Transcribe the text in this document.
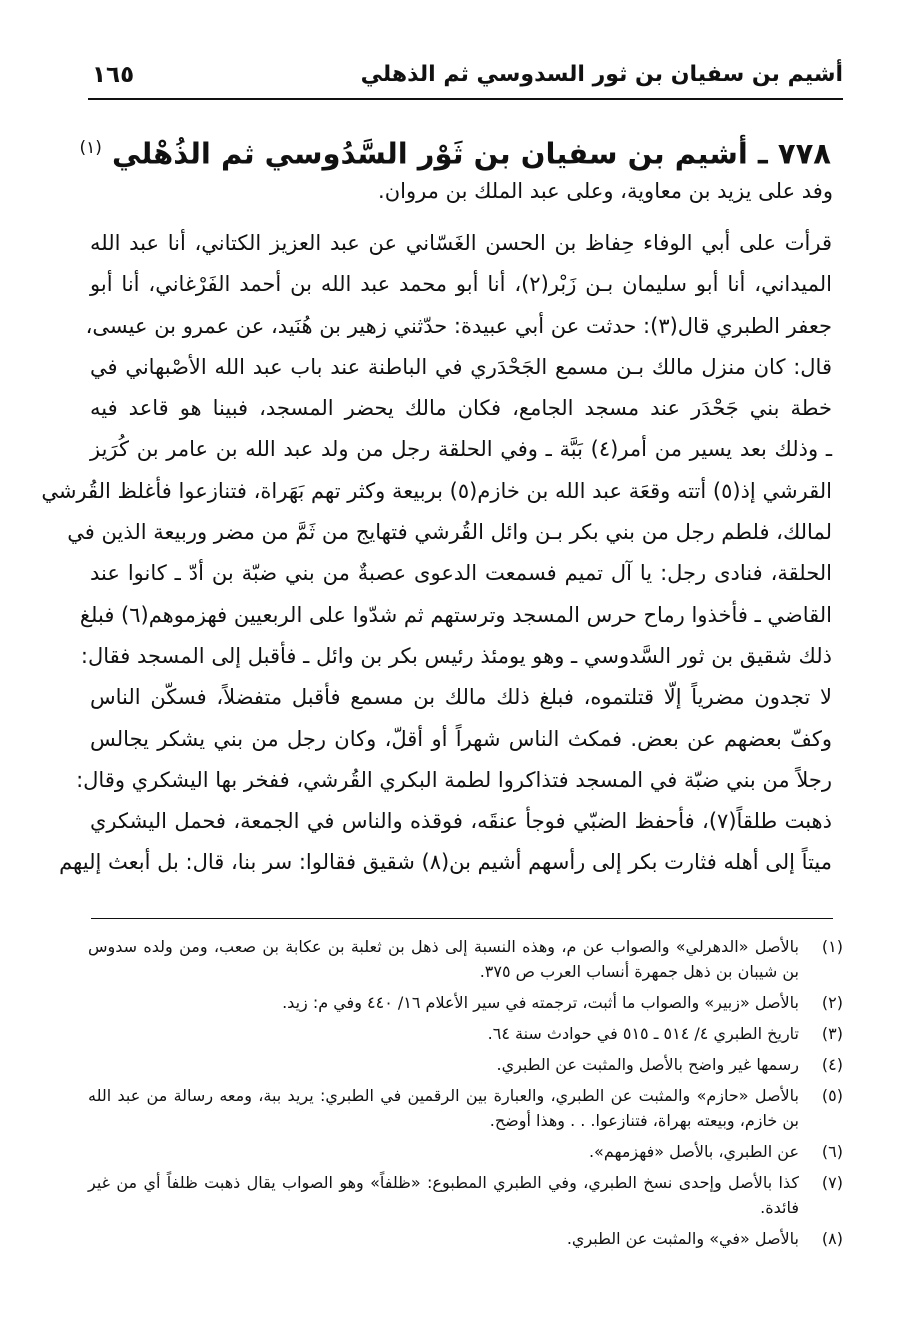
أشيم بن سفيان بن ثور السدوسي ثم الذهلي
١٦٥
٧٧٨ ـ أشيم بن سفيان بن ثَوْر السَّدُوسي ثم الذُهْلي $^{(١)}$
وفد على يزيد بن معاوية، وعلى عبد الملك بن مروان.
قرأت على أبي الوفاء حِفاظ بن الحسن الغَسّاني عن عبد العزيز الكتاني، أنا عبد الله
الميداني، أنا أبو سليمان بـن زَبْر(٢)، أنا أبو محمد عبد الله بن أحمد الفَرْغاني، أنا أبو
جعفر الطبري قال(٣): حدثت عن أبي عبيدة: حدّثني زهير بن هُنَيد، عن عمرو بن عيسى،
قال: كان منزل مالك بـن مسمع الجَحْدَري في الباطنة عند باب عبد الله الأصْبهاني في
خطة بني جَحْدَر عند مسجد الجامع، فكان مالك يحضر المسجد، فبينا هو قاعد فيه
ـ وذلك بعد يسير من أمر(٤) بَبَّة ـ وفي الحلقة رجل من ولد عبد الله بن عامر بن كُرَيز
القرشي إذ(٥) أتته وقعَة عبد الله بن خازم(٥) بربيعة وكثر تهم بَهَراة، فتنازعوا فأغلظ القُرشي
لمالك، فلطم رجل من بني بكر بـن وائل القُرشي فتهايج من ثَمَّ من مضر وربيعة الذين في
الحلقة، فنادى رجل: يا آل تميم فسمعت الدعوى عصبةٌ من بني ضبّة بن أدّ ـ كانوا عند
القاضي ـ فأخذوا رماح حرس المسجد وترستهم ثم شدّوا على الربعيين فهزموهم(٦) فبلغ
ذلك شقيق بن ثور السَّدوسي ـ وهو يومئذ رئيس بكر بن وائل ـ فأقبل إلى المسجد فقال:
لا تجدون مضرياً إلّا قتلتموه، فبلغ ذلك مالك بن مسمع فأقبل متفضلاً، فسكّن الناس
وكفّ بعضهم عن بعض. فمكث الناس شهراً أو أقلّ، وكان رجل من بني يشكر يجالس
رجلاً من بني ضبّة في المسجد فتذاكروا لطمة البكري القُرشي، ففخر بها اليشكري وقال:
ذهبت طلقاً(٧)، فأحفظ الضبّي فوجأ عنقَه، فوقذه والناس في الجمعة، فحمل اليشكري
ميتاً إلى أهله فثارت بكر إلى رأسهم أشيم بن(٨) شقيق فقالوا: سر بنا، قال: بل أبعث إليهم
(١)
بالأصل «الدهرلي» والصواب عن م، وهذه النسبة إلى ذهل بن ثعلبة بن عكابة بن صعب، ومن ولده سدوس بن شيبان بن ذهل جمهرة أنساب العرب ص ٣٧٥.
(٢)
بالأصل «زبير» والصواب ما أثبت، ترجمته في سير الأعلام ١٦/ ٤٤٠ وفي م: زيد.
(٣)
تاريخ الطبري ٤/ ٥١٤ ـ ٥١٥ في حوادث سنة ٦٤.
(٤)
رسمها غير واضح بالأصل والمثبت عن الطبري.
(٥)
بالأصل «حازم» والمثبت عن الطبري، والعبارة بين الرقمين في الطبري: يريد ببة، ومعه رسالة من عبد الله بن خازم، وبيعته بهراة، فتنازعوا. . . وهذا أوضح.
(٦)
عن الطبري، بالأصل «فهزمهم».
(٧)
كذا بالأصل وإحدى نسخ الطبري، وفي الطبري المطبوع: «ظلفاً» وهو الصواب يقال ذهبت ظلفاً أي من غير فائدة.
(٨)
بالأصل «في» والمثبت عن الطبري.
